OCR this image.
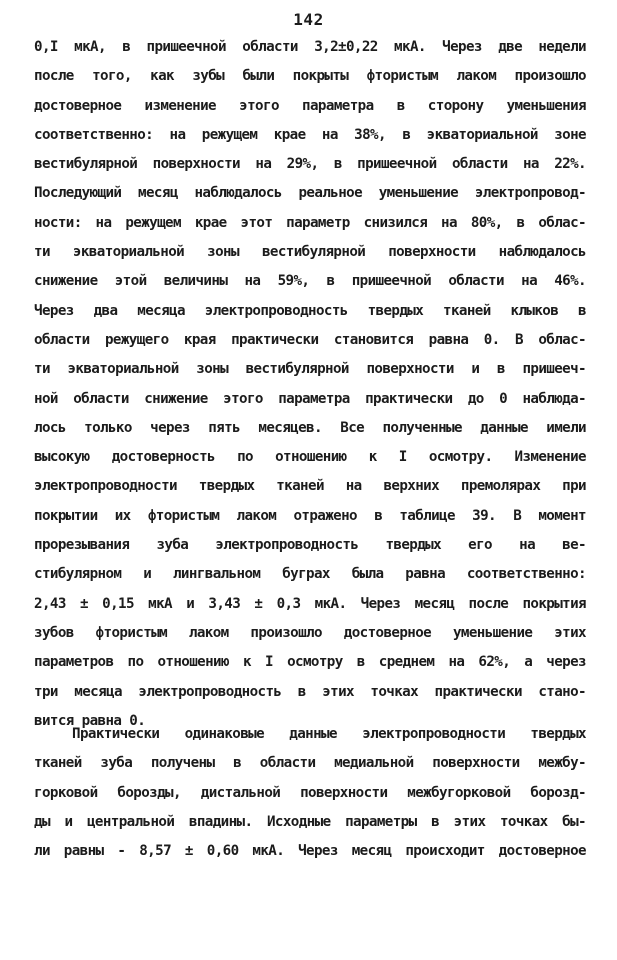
142
0,I мкА, в пришеечной области 3,2±0,22 мкА. Через две недели
после того, как зубы были покрыты фтористым лаком произошло
достоверное изменение этого параметра в сторону уменьшения
соответственно: на режущем крае на 38%, в экваториальной зоне
вестибулярной поверхности на 29%, в пришеечной области на 22%.
Последующий месяц наблюдалось реальное уменьшение электропровод-
ности: на режущем крае этот параметр снизился на 80%, в облас-
ти экваториальной зоны вестибулярной поверхности наблюдалось
снижение этой величины на 59%, в пришеечной области на 46%.
Через два месяца электропроводность твердых тканей клыков в
области режущего края практически становится равна 0. В облас-
ти экваториальной зоны вестибулярной поверхности и в пришееч-
ной области снижение этого параметра практически до 0 наблюда-
лось только через пять месяцев. Все полученные данные имели
высокую достоверность по отношению к I осмотру. Изменение
электропроводности твердых тканей на верхних премолярах при
покрытии их фтористым лаком отражено в таблице 39. В момент
прорезывания зуба электропроводность твердых его на ве-
стибулярном и лингвальном буграх была равна соответственно:
2,43 ± 0,15 мкА и 3,43 ± 0,3 мкА. Через месяц после покрытия
зубов фтористым лаком произошло достоверное уменьшение этих
параметров по отношению к I осмотру в среднем на 62%, а через
три месяца электропроводность в этих точках практически стано-
вится равна 0.
Практически одинаковые данные электропроводности твердых
тканей зуба получены в области медиальной поверхности межбу-
горковой борозды, дистальной поверхности межбугорковой борозд-
ды и центральной впадины. Исходные параметры в этих точках бы-
ли равны - 8,57 ± 0,60 мкА. Через месяц происходит достоверное
